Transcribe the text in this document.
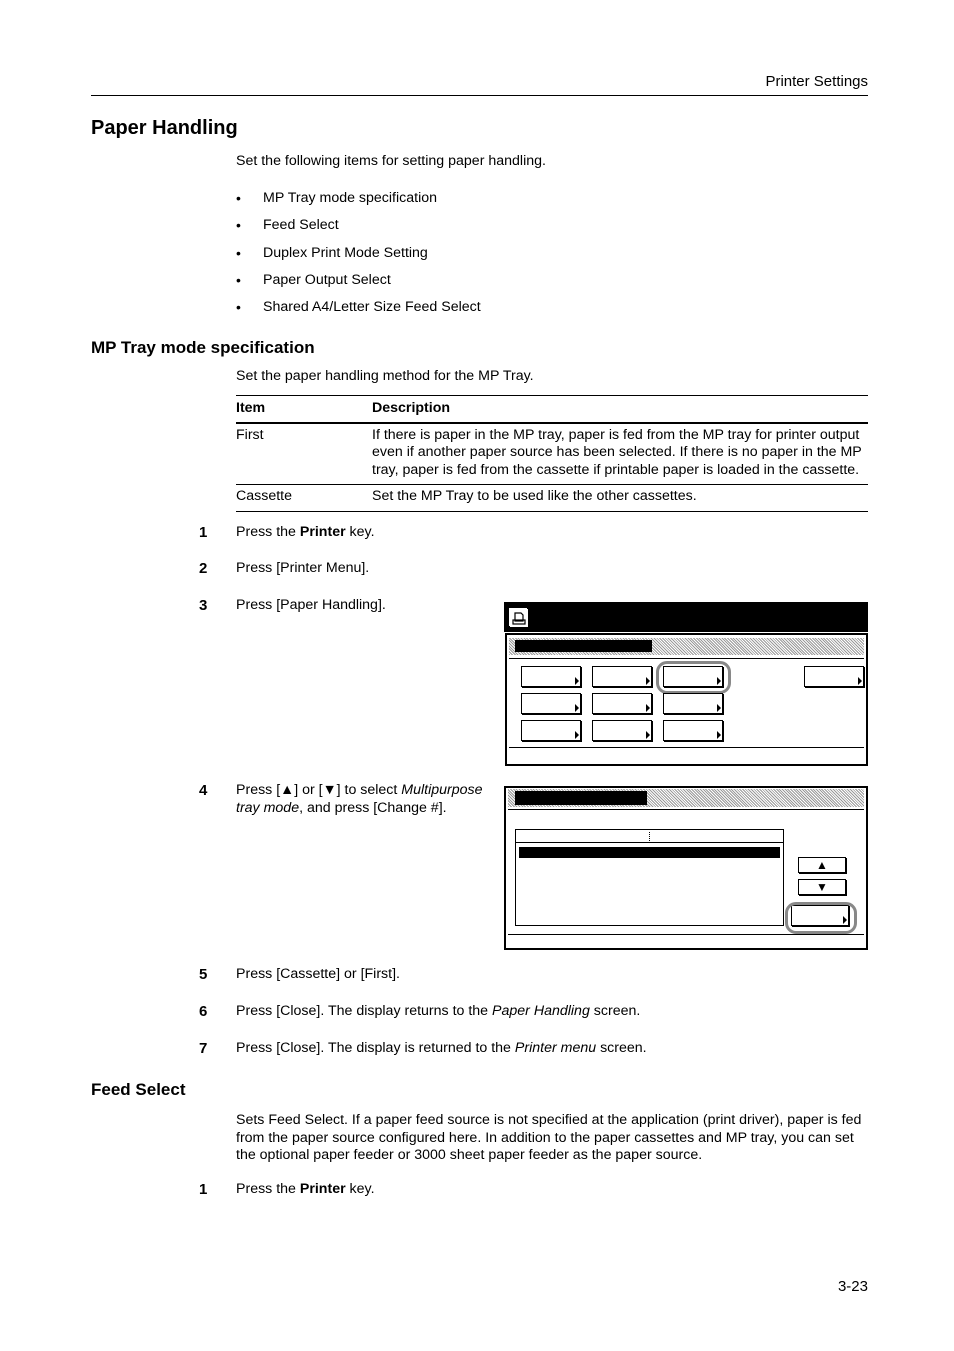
Printer Settings
Paper Handling
Set the following items for setting paper handling.
• MP Tray mode specification
• Feed Select
• Duplex Print Mode Setting
• Paper Output Select
• Shared A4/Letter Size Feed Select
MP Tray mode specification
Set the paper handling method for the MP Tray.
Item	Description
First	If there is paper in the MP tray, paper is fed from the MP tray for printer output even if another paper source has been selected. If there is no paper in the MP tray, paper is fed from the cassette if printable paper is loaded in the cassette.
Cassette	Set the MP Tray to be used like the other cassettes.
1 Press the Printer key.
2 Press [Printer Menu].
3 Press [Paper Handling].
4 Press [▲] or [▼] to select Multipurpose tray mode, and press [Change #].
5 Press [Cassette] or [First].
6 Press [Close]. The display returns to the Paper Handling screen.
7 Press [Close]. The display is returned to the Printer menu screen.
▲
▼
Feed Select
Sets Feed Select. If a paper feed source is not specified at the application (print driver), paper is fed from the paper source configured here. In addition to the paper cassettes and MP tray, you can set the optional paper feeder or 3000 sheet paper feeder as the paper source.
1 Press the Printer key.
3-23
